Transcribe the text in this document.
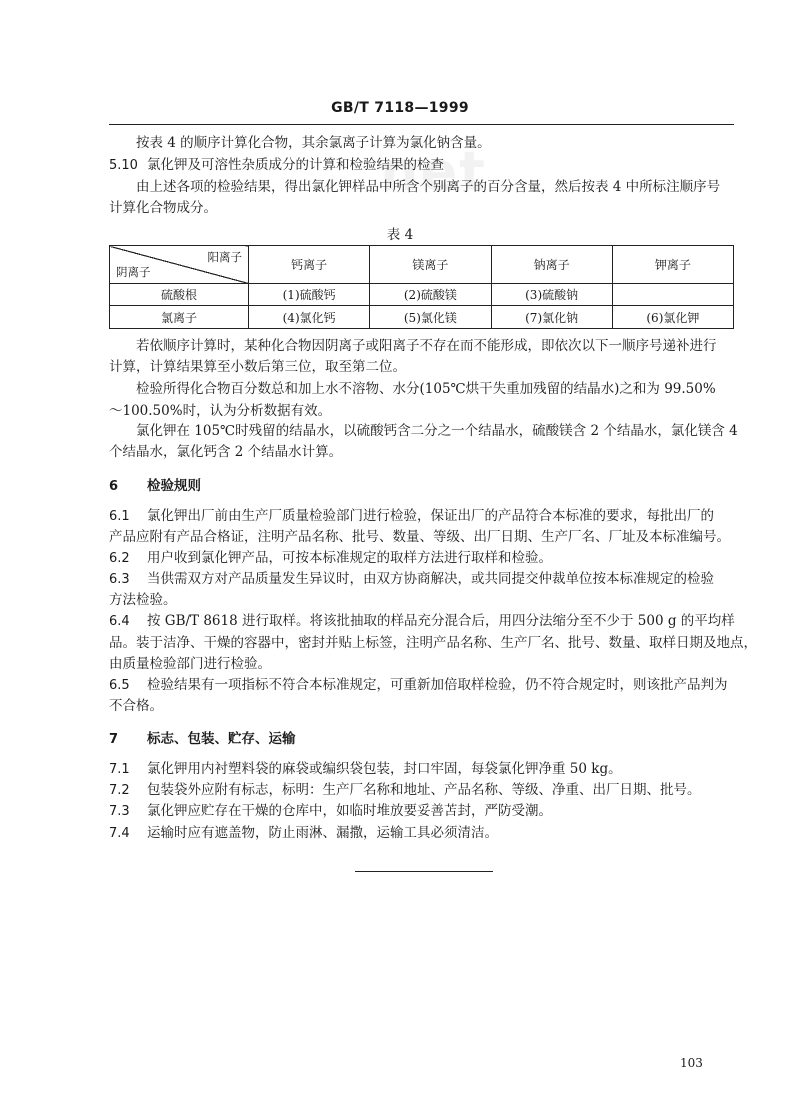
net
GB/T 7118—1999
按表 4 的顺序计算化合物，其余氯离子计算为氯化钠含量。
5.10 氯化钾及可溶性杂质成分的计算和检验结果的检查
由上述各项的检验结果，得出氯化钾样品中所含个别离子的百分含量，然后按表 4 中所标注顺序号
计算化合物成分。
表 4
阳离子
阴离子	钙离子	镁离子	钠离子	钾离子
硫酸根	(1)硫酸钙	(2)硫酸镁	(3)硫酸钠	
氯离子	(4)氯化钙	(5)氯化镁	(7)氯化钠	(6)氯化钾
若依顺序计算时，某种化合物因阴离子或阳离子不存在而不能形成，即依次以下一顺序号递补进行
计算，计算结果算至小数后第三位，取至第二位。
检验所得化合物百分数总和加上水不溶物、水分(105℃烘干失重加残留的结晶水)之和为 99.50%
～100.50%时，认为分析数据有效。
氯化钾在 105℃时残留的结晶水，以硫酸钙含二分之一个结晶水，硫酸镁含 2 个结晶水，氯化镁含 4
个结晶水，氯化钙含 2 个结晶水计算。
6 检验规则
6.1 氯化钾出厂前由生产厂质量检验部门进行检验，保证出厂的产品符合本标准的要求，每批出厂的
产品应附有产品合格证，注明产品名称、批号、数量、等级、出厂日期、生产厂名、厂址及本标准编号。
6.2 用户收到氯化钾产品，可按本标准规定的取样方法进行取样和检验。
6.3 当供需双方对产品质量发生异议时，由双方协商解决，或共同提交仲裁单位按本标准规定的检验
方法检验。
6.4 按 GB/T 8618 进行取样。将该批抽取的样品充分混合后，用四分法缩分至不少于 500 g 的平均样
品。装于洁净、干燥的容器中，密封并贴上标签，注明产品名称、生产厂名、批号、数量、取样日期及地点，
由质量检验部门进行检验。
6.5 检验结果有一项指标不符合本标准规定，可重新加倍取样检验，仍不符合规定时，则该批产品判为
不合格。
7 标志、包装、贮存、运输
7.1 氯化钾用内衬塑料袋的麻袋或编织袋包装，封口牢固，每袋氯化钾净重 50 kg。
7.2 包装袋外应附有标志，标明：生产厂名称和地址、产品名称、等级、净重、出厂日期、批号。
7.3 氯化钾应贮存在干燥的仓库中，如临时堆放要妥善苫封，严防受潮。
7.4 运输时应有遮盖物，防止雨淋、漏撒，运输工具必须清洁。
103
